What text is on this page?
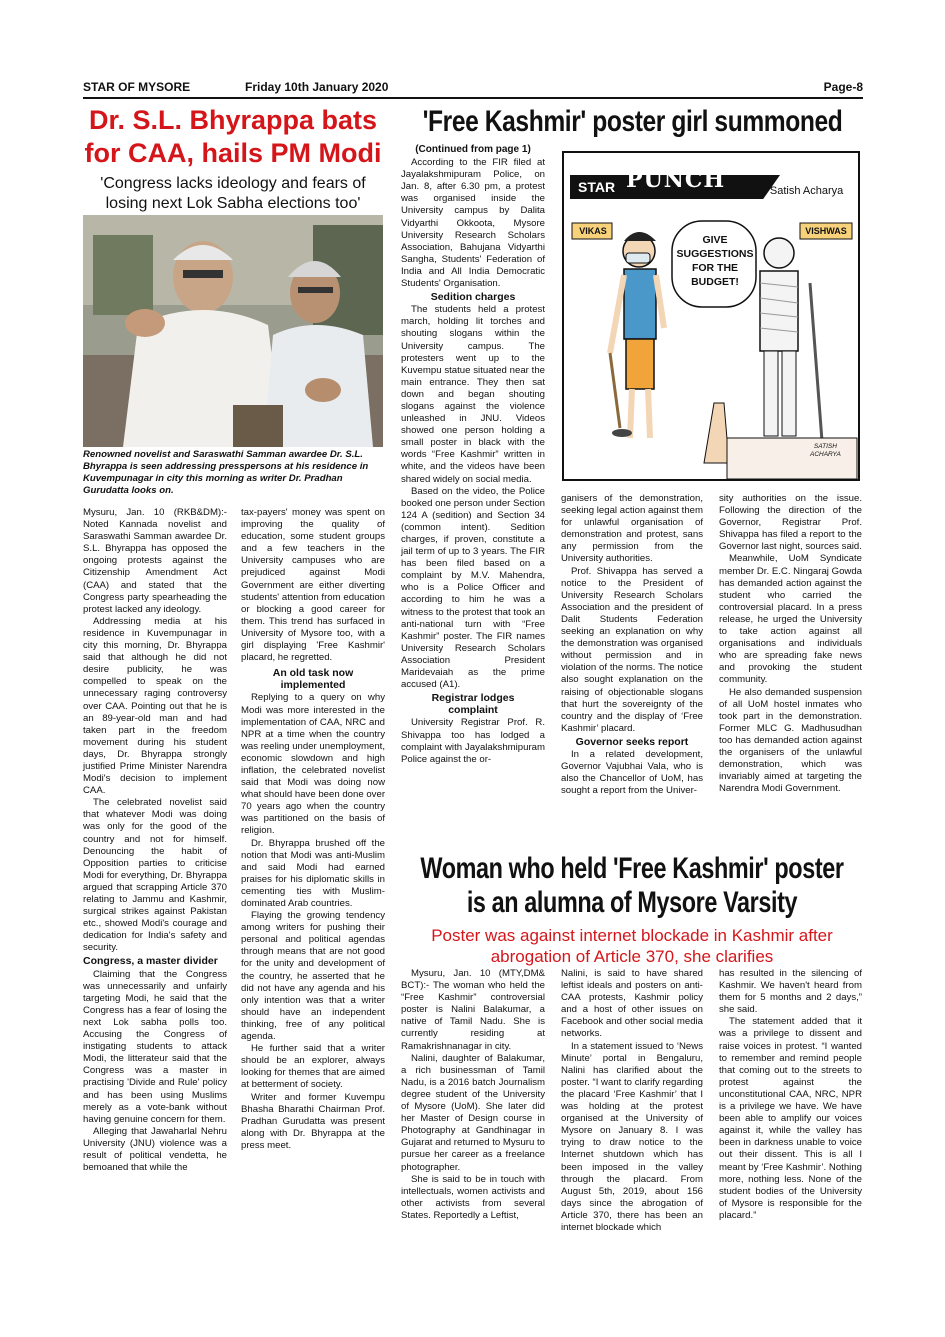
STAR OF MYSORE	Friday 10th January 2020	Page-8
Dr. S.L. Bhyrappa bats
for CAA, hails PM Modi
'Congress lacks ideology and fears of
losing next Lok Sabha elections too'
Renowned novelist and Saraswathi Samman awardee Dr. S.L. Bhyrappa is seen addressing presspersons at his residence in Kuvempunagar in city this morning as writer Dr. Pradhan Gurudatta looks on.

Mysuru, Jan. 10 (RKB&DM):- Noted Kannada novelist and Saraswathi Samman awardee Dr. S.L. Bhyrappa has opposed the ongoing protests against the Citizenship Amendment Act (CAA) and stated that the Congress party spearheading the protest lacked any ideology.

Addressing media at his residence in Kuvempunagar in city this morning, Dr. Bhyrappa said that although he did not desire publicity, he was compelled to speak on the unnecessary raging controversy over CAA. Pointing out that he is an 89-year-old man and had taken part in the freedom movement during his student days, Dr. Bhyrappa strongly justified Prime Minister Narendra Modi's decision to implement CAA.

The celebrated novelist said that whatever Modi was doing was only for the good of the country and not for himself. Denouncing the habit of Opposition parties to criticise Modi for everything, Dr. Bhyrappa argued that scrapping Article 370 relating to Jammu and Kashmir, surgical strikes against Pakistan etc., showed Modi's courage and dedication for India's safety and security.

Congress, a master divider

Claiming that the Congress was unnecessarily and unfairly targeting Modi, he said that the Congress has a fear of losing the next Lok sabha polls too. Accusing the Congress of instigating students to attack Modi, the litterateur said that the Congress was a master in practising 'Divide and Rule' policy and has been using Muslims merely as a vote-bank without having genuine concern for them.

Alleging that Jawaharlal Nehru University (JNU) violence was a result of political vendetta, he bemoaned that while the

tax-payers' money was spent on improving the quality of education, some student groups and a few teachers in the University campuses who are prejudiced against Modi Government are either diverting students' attention from education or blocking a good career for them. This trend has surfaced in University of Mysore too, with a girl displaying 'Free Kashmir' placard, he regretted.

An old task now
implemented

Replying to a query on why Modi was more interested in the implementation of CAA, NRC and NPR at a time when the country was reeling under unemployment, economic slowdown and high inflation, the celebrated novelist said that Modi was doing now what should have been done over 70 years ago when the country was partitioned on the basis of religion.

Dr. Bhyrappa brushed off the notion that Modi was anti-Muslim and said Modi had earned praises for his diplomatic skills in cementing ties with Muslim-dominated Arab countries.

Flaying the growing tendency among writers for pushing their personal and political agendas through means that are not good for the unity and development of the country, he asserted that he did not have any agenda and his only intention was that a writer should have an independent thinking, free of any political agenda.

He further said that a writer should be an explorer, always looking for themes that are aimed at betterment of society.

Writer and former Kuvempu Bhasha Bharathi Chairman Prof. Pradhan Gurudatta was present along with Dr. Bhyrappa at the press meet.

'Free Kashmir' poster girl summoned
(Continued from page 1)

According to the FIR filed at Jayalakshmipuram Police, on Jan. 8, after 6.30 pm, a protest was organised inside the University campus by Dalita Vidyarthi Okkoota, Mysore University Research Scholars Association, Bahujana Vidyarthi Sangha, Students' Federation of India and All India Democratic Students' Organisation.

Sedition charges

The students held a protest march, holding lit torches and shouting slogans within the University campus. The protesters went up to the Kuvempu statue situated near the main entrance. They then sat down and began shouting slogans against the violence unleashed in JNU. Videos showed one person holding a small poster in black with the words “Free Kashmir” written in white, and the videos have been shared widely on social media.

Based on the video, the Police booked one person under Section 124 A (sedition) and Section 34 (common intent). Sedition charges, if proven, constitute a jail term of up to 3 years. The FIR has been filed based on a complaint by M.V. Mahendra, who is a Police Officer and according to him he was a witness to the protest that took an anti-national turn with “Free Kashmir” poster. The FIR names University Research Scholars Association President Maridevaiah as the prime accused (A1).

Registrar lodges
complaint

University Registrar Prof. R. Shivappa too has lodged a complaint with Jayalakshmipuram Police against the or-

STAR PUNCH	By Satish Acharya
VIKAS	VISHWAS
GIVE
SUGGESTIONS
FOR THE
BUDGET!
SATISH
ACHARYA

ganisers of the demonstration, seeking legal action against them for unlawful organisation of demonstration and protest, sans any permission from the University authorities.

Prof. Shivappa has served a notice to the President of University Research Scholars Association and the president of Dalit Students Federation seeking an explanation on why the demonstration was organised without permission and in violation of the norms. The notice also sought explanation on the raising of objectionable slogans that hurt the sovereignty of the country and the display of ‘Free Kashmir’ placard.

Governor seeks report

In a related development, Governor Vajubhai Vala, who is also the Chancellor of UoM, has sought a report from the Univer-

sity authorities on the issue. Following the direction of the Governor, Registrar Prof. Shivappa has filed a report to the Governor last night, sources said.

Meanwhile, UoM Syndicate member Dr. E.C. Ningaraj Gowda has demanded action against the student who carried the controversial placard. In a press release, he urged the University to take action against all organisations and individuals who are spreading fake news and provoking the student community.

He also demanded suspension of all UoM hostel inmates who took part in the demonstration. Former MLC G. Madhusudhan too has demanded action against the organisers of the unlawful demonstration, which was invariably aimed at targeting the Narendra Modi Government.

Woman who held 'Free Kashmir' poster
is an alumna of Mysore Varsity
Poster was against internet blockade in Kashmir after
abrogation of Article 370, she clarifies

Mysuru, Jan. 10 (MTY,DM& BCT):- The woman who held the “Free Kashmir” controversial poster is Nalini Balakumar, a native of Tamil Nadu. She is currently residing at Ramakrishnanagar in city.

Nalini, daughter of Balakumar, a rich businessman of Tamil Nadu, is a 2016 batch Journalism degree student of the University of Mysore (UoM). She later did her Master of Design course in Photography at Gandhinagar in Gujarat and returned to Mysuru to pursue her career as a freelance photographer.

She is said to be in touch with intellectuals, women activists and other activists from several States. Reportedly a Leftist,

Nalini, is said to have shared leftist ideals and posters on anti-CAA protests, Kashmir policy and a host of other issues on Facebook and other social media networks.

In a statement issued to ‘News Minute’ portal in Bengaluru, Nalini has clarified about the poster. “I want to clarify regarding the placard ‘Free Kashmir’ that I was holding at the protest organised at the University of Mysore on January 8. I was trying to draw notice to the Internet shutdown which has been imposed in the valley through the placard. From August 5th, 2019, about 156 days since the abrogation of Article 370, there has been an internet blockade which

has resulted in the silencing of Kashmir. We haven't heard from them for 5 months and 2 days,” she said.

The statement added that it was a privilege to dissent and raise voices in protest. “I wanted to remember and remind people that coming out to the streets to protest against the unconstitutional CAA, NRC, NPR is a privilege we have. We have been able to amplify our voices against it, while the valley has been in darkness unable to voice out their dissent. This is all I meant by ‘Free Kashmir’. Nothing more, nothing less. None of the student bodies of the University of Mysore is responsible for the placard.”
